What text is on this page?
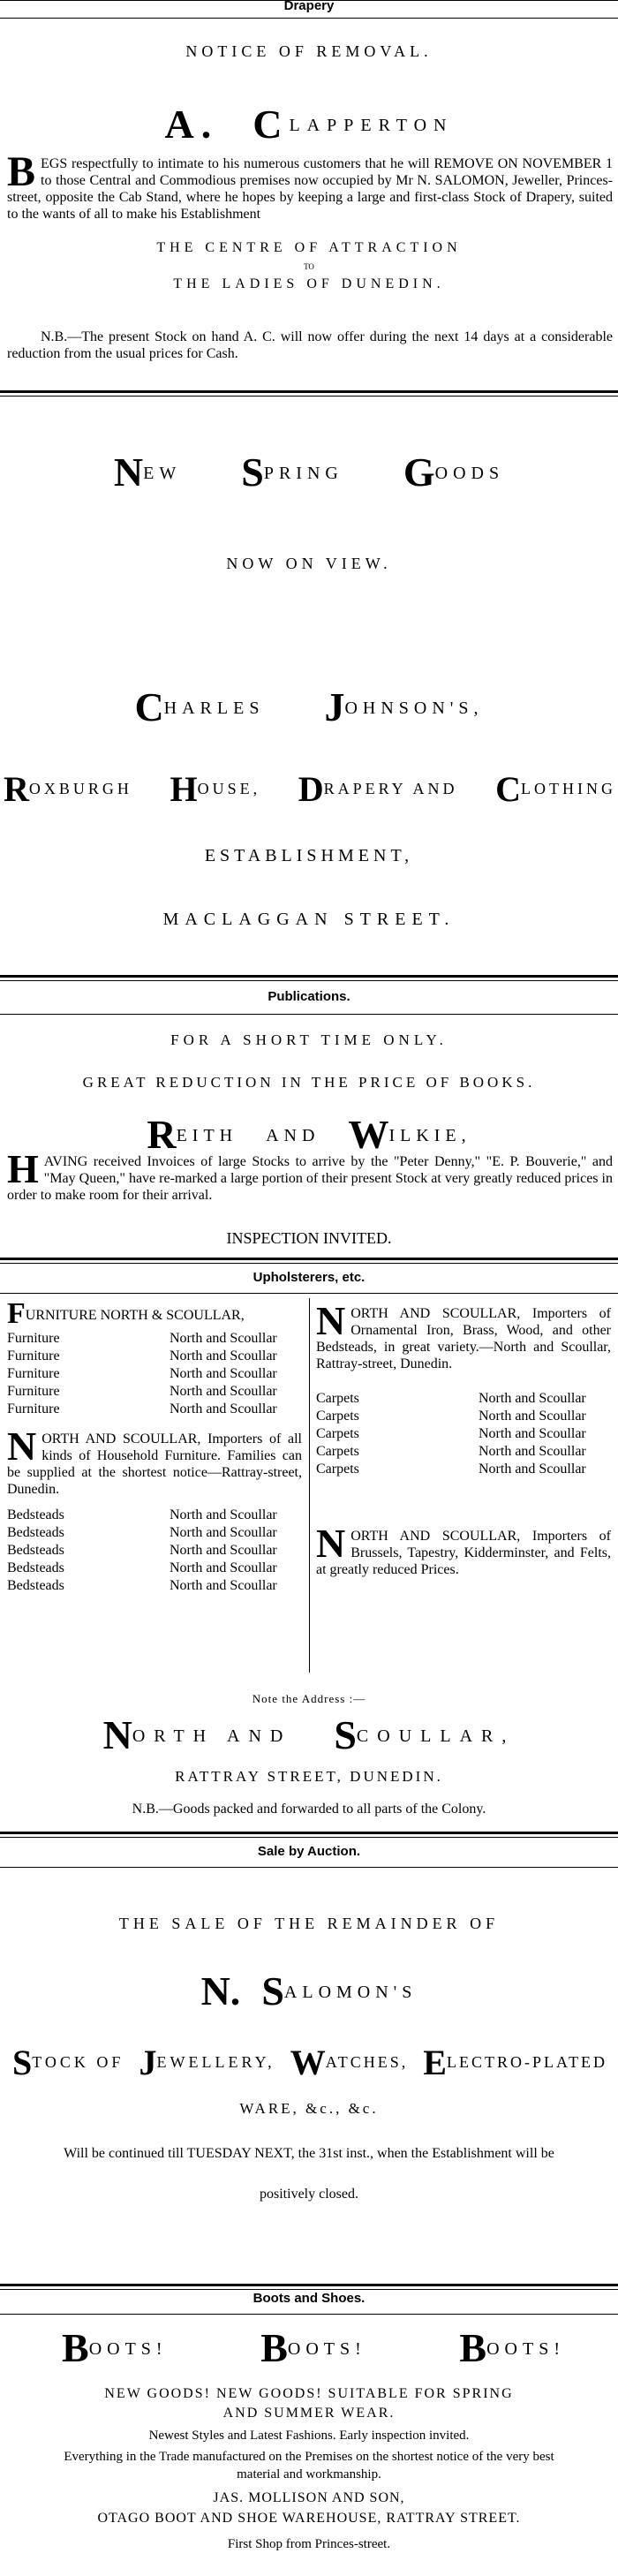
Drapery
NOTICE OF REMOVAL.
A. CLAPPERTON
B EGS respectfully to intimate to his numerous customers that he will REMOVE ON NOVEMBER 1 to those Central and Commodious premises now occupied by Mr N. SALOMON, Jeweller, Princes-street, opposite the Cab Stand, where he hopes by keeping a large and first-class Stock of Drapery, suited to the wants of all to make his Establishment
THE CENTRE OF ATTRACTION
TO
THE LADIES OF DUNEDIN.
N.B.—The present Stock on hand A. C. will now offer during the next 14 days at a considerable reduction from the usual prices for Cash.
NEW SPRING GOODS
NOW ON VIEW.
CHARLES JOHNSON'S,
ROXBURGH HOUSE, DRAPERY AND CLOTHING
ESTABLISHMENT,
MACLAGGAN STREET.
Publications.
FOR A SHORT TIME ONLY.
GREAT REDUCTION IN THE PRICE OF BOOKS.
REITH AND WILKIE,
H AVING received Invoices of large Stocks to arrive by the "Peter Denny," "E. P. Bouverie," and "May Queen," have re-marked a large portion of their present Stock at very greatly reduced prices in order to make room for their arrival.
INSPECTION INVITED.
Upholsterers, etc.
FURNITURE NORTH & SCOULLAR,
Furniture	North and Scoullar
Furniture	North and Scoullar
Furniture	North and Scoullar
Furniture	North and Scoullar
Furniture	North and Scoullar
NORTH AND SCOULLAR, Importers of all kinds of Household Furniture. Families can be supplied at the shortest notice—Rattray-street, Dunedin.
Bedsteads	North and Scoullar
Bedsteads	North and Scoullar
Bedsteads	North and Scoullar
Bedsteads	North and Scoullar
Bedsteads	North and Scoullar
NORTH AND SCOULLAR, Importers of Ornamental Iron, Brass, Wood, and other Bedsteads, in great variety.—North and Scoullar, Rattray-street, Dunedin.
Carpets	North and Scoullar
Carpets	North and Scoullar
Carpets	North and Scoullar
Carpets	North and Scoullar
Carpets	North and Scoullar
NORTH AND SCOULLAR, Importers of Brussels, Tapestry, Kidderminster, and Felts, at greatly reduced Prices.
Note the Address :—
NORTH AND SCOULLAR,
RATTRAY STREET, DUNEDIN.
N.B.—Goods packed and forwarded to all parts of the Colony.
Sale by Auction.
THE SALE OF THE REMAINDER OF
N. SALOMON'S
STOCK OF JEWELLERY, WATCHES, ELECTRO-PLATED
WARE, &c., &c.
Will be continued till TUESDAY NEXT, the 31st inst., when the Establishment will be positively closed.
Boots and Shoes.
BOOTS! BOOTS! BOOTS!
NEW GOODS! NEW GOODS! SUITABLE FOR SPRING AND SUMMER WEAR.
Newest Styles and Latest Fashions. Early inspection invited.
Everything in the Trade manufactured on the Premises on the shortest notice of the very best material and workmanship.
JAS. MOLLISON AND SON,
OTAGO BOOT AND SHOE WAREHOUSE, RATTRAY STREET.
First Shop from Princes-street.
